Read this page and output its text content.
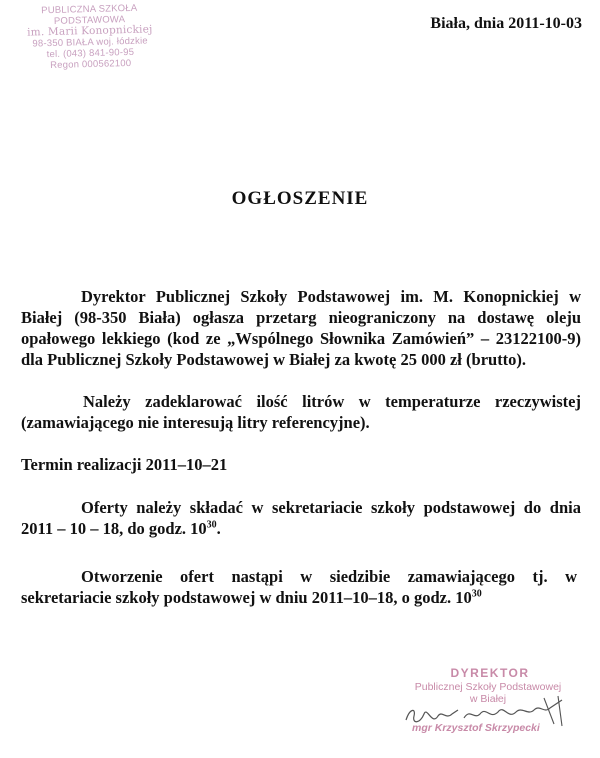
PUBLICZNA SZKOŁA PODSTAWOWA
im. Marii Konopnickiej
98-350 BIAŁA woj. łódzkie
tel. (043) 841-90-95
Regon 000562100
Biała, dnia 2011-10-03
OGŁOSZENIE
Dyrektor Publicznej Szkoły Podstawowej im. M. Konopnickiej w Białej (98-350 Biała) ogłasza przetarg nieograniczony na dostawę oleju opałowego lekkiego (kod ze „Wspólnego Słownika Zamówień” – 23122100-9) dla Publicznej Szkoły Podstawowej w Białej za kwotę 25 000 zł (brutto).
Należy zadeklarować ilość litrów w temperaturze rzeczywistej (zamawiającego nie interesują litry referencyjne).
Termin realizacji 2011–10–21
Oferty należy składać w sekretariacie szkoły podstawowej do dnia 2011 – 10 – 18, do godz. $10^{30}$.
Otworzenie ofert nastąpi w siedzibie zamawiającego tj. w sekretariacie szkoły podstawowej w dniu 2011–10–18, o godz. $10^{30}$
DYREKTOR
Publicznej Szkoły Podstawowej
w Białej
mgr Krzysztof Skrzypecki
